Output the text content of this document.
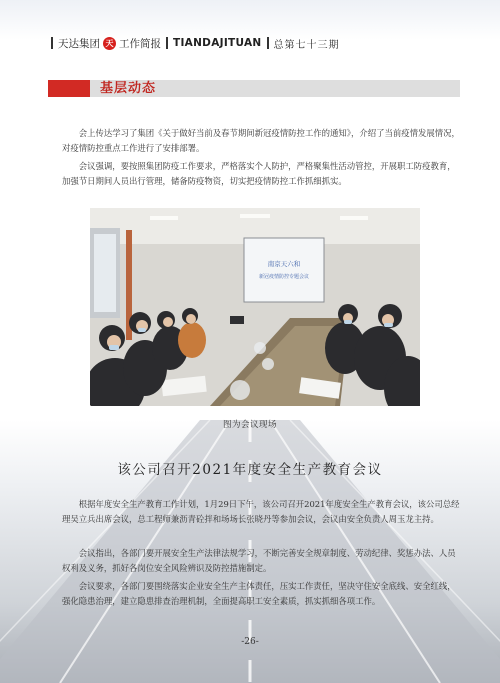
天达集团 天 工作简报 TIANDAJITUAN 总第七十三期
基层动态

会上传达学习了集团《关于做好当前及春节期间新冠疫情防控工作的通知》，介绍了当前疫情发展情况，对疫情防控重点工作进行了安排部署。

会议强调，要按照集团防疫工作要求，严格落实个人防护，严格聚集性活动管控，开展职工防疫教育，加强节日期间人员出行管理，储备防疫物资，切实把疫情防控工作抓细抓实。

南京天六和
新冠疫情防控专题会议
图为会议现场
该公司召开2021年度安全生产教育会议

根据年度安全生产教育工作计划，1月29日下午，该公司召开2021年度安全生产教育会议，该公司总经理吴立兵出席会议，总工程师兼沥青砼拌和场场长张晓丹等参加会议，会议由安全负责人周玉龙主持。

会议指出，各部门要开展安全生产法律法规学习，不断完善安全规章制度、劳动纪律、奖惩办法、人员权利及义务，抓好各岗位安全风险辨识及防控措施制定。

会议要求，各部门要围绕落实企业安全生产主体责任，压实工作责任，坚决守住安全底线、安全红线，强化隐患治理，建立隐患排查治理机制，全面提高职工安全素质，抓实抓细各项工作。

-26-
